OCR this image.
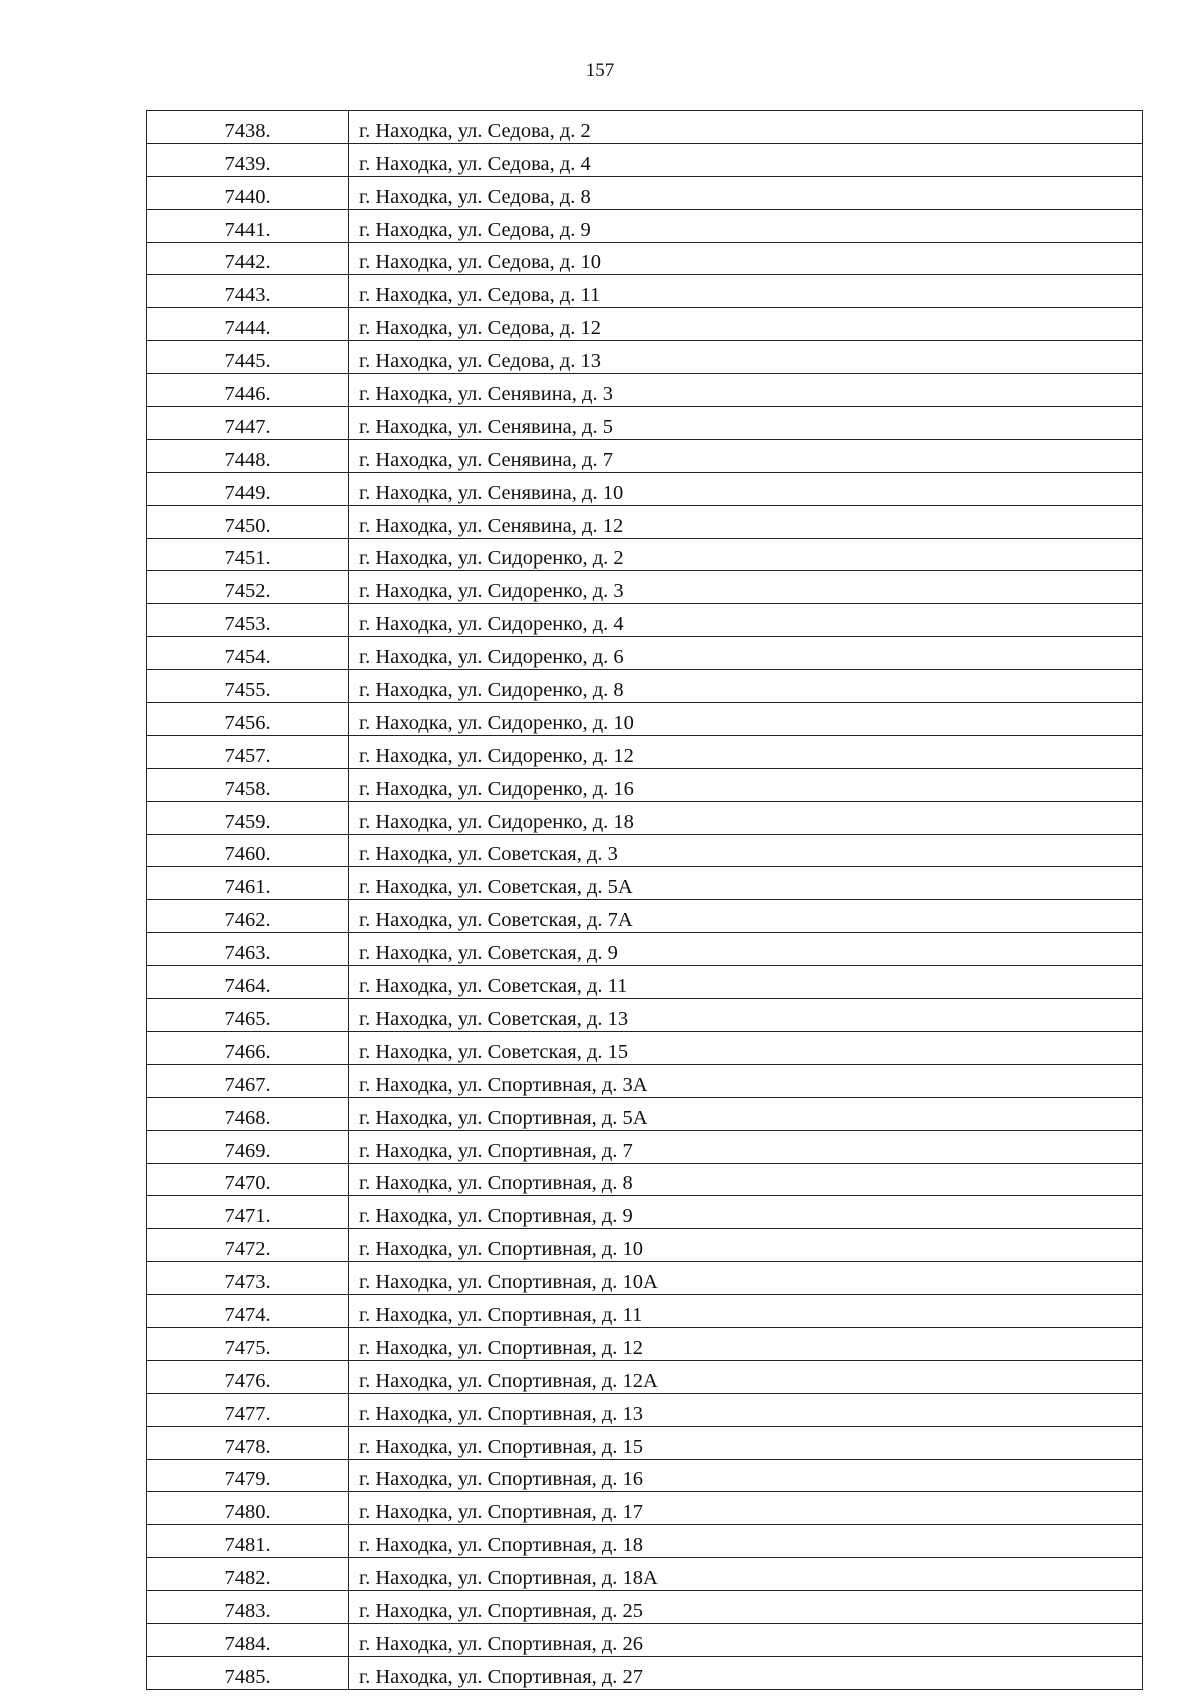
157
7438.	г. Находка, ул. Седова, д. 2
7439.	г. Находка, ул. Седова, д. 4
7440.	г. Находка, ул. Седова, д. 8
7441.	г. Находка, ул. Седова, д. 9
7442.	г. Находка, ул. Седова, д. 10
7443.	г. Находка, ул. Седова, д. 11
7444.	г. Находка, ул. Седова, д. 12
7445.	г. Находка, ул. Седова, д. 13
7446.	г. Находка, ул. Сенявина, д. 3
7447.	г. Находка, ул. Сенявина, д. 5
7448.	г. Находка, ул. Сенявина, д. 7
7449.	г. Находка, ул. Сенявина, д. 10
7450.	г. Находка, ул. Сенявина, д. 12
7451.	г. Находка, ул. Сидоренко, д. 2
7452.	г. Находка, ул. Сидоренко, д. 3
7453.	г. Находка, ул. Сидоренко, д. 4
7454.	г. Находка, ул. Сидоренко, д. 6
7455.	г. Находка, ул. Сидоренко, д. 8
7456.	г. Находка, ул. Сидоренко, д. 10
7457.	г. Находка, ул. Сидоренко, д. 12
7458.	г. Находка, ул. Сидоренко, д. 16
7459.	г. Находка, ул. Сидоренко, д. 18
7460.	г. Находка, ул. Советская, д. 3
7461.	г. Находка, ул. Советская, д. 5А
7462.	г. Находка, ул. Советская, д. 7А
7463.	г. Находка, ул. Советская, д. 9
7464.	г. Находка, ул. Советская, д. 11
7465.	г. Находка, ул. Советская, д. 13
7466.	г. Находка, ул. Советская, д. 15
7467.	г. Находка, ул. Спортивная, д. 3А
7468.	г. Находка, ул. Спортивная, д. 5А
7469.	г. Находка, ул. Спортивная, д. 7
7470.	г. Находка, ул. Спортивная, д. 8
7471.	г. Находка, ул. Спортивная, д. 9
7472.	г. Находка, ул. Спортивная, д. 10
7473.	г. Находка, ул. Спортивная, д. 10А
7474.	г. Находка, ул. Спортивная, д. 11
7475.	г. Находка, ул. Спортивная, д. 12
7476.	г. Находка, ул. Спортивная, д. 12А
7477.	г. Находка, ул. Спортивная, д. 13
7478.	г. Находка, ул. Спортивная, д. 15
7479.	г. Находка, ул. Спортивная, д. 16
7480.	г. Находка, ул. Спортивная, д. 17
7481.	г. Находка, ул. Спортивная, д. 18
7482.	г. Находка, ул. Спортивная, д. 18А
7483.	г. Находка, ул. Спортивная, д. 25
7484.	г. Находка, ул. Спортивная, д. 26
7485.	г. Находка, ул. Спортивная, д. 27
